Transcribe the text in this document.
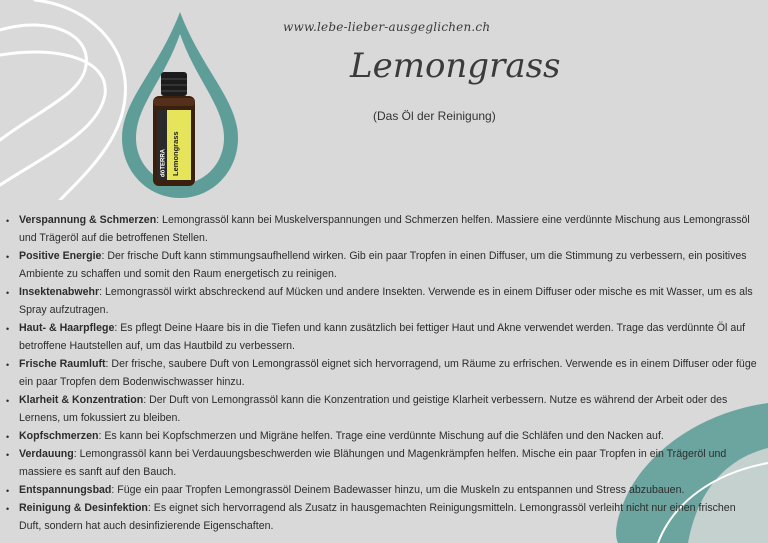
dōTERRA Lemongrass
www.lebe-lieber-ausgeglichen.ch
Lemongrass
(Das Öl der Reinigung)
• Verspannung & Schmerzen: Lemongrassöl kann bei Muskelverspannungen und Schmerzen helfen. Massiere eine verdünnte Mischung aus Lemongrassöl und Trägeröl auf die betroffenen Stellen.
• Positive Energie: Der frische Duft kann stimmungsaufhellend wirken. Gib ein paar Tropfen in einen Diffuser, um die Stimmung zu verbessern, ein positives Ambiente zu schaffen und somit den Raum energetisch zu reinigen.
• Insektenabwehr: Lemongrassöl wirkt abschreckend auf Mücken und andere Insekten. Verwende es in einem Diffuser oder mische es mit Wasser, um es als Spray aufzutragen.
• Haut- & Haarpflege: Es pflegt Deine Haare bis in die Tiefen und kann zusätzlich bei fettiger Haut und Akne verwendet werden. Trage das verdünnte Öl auf betroffene Hautstellen auf, um das Hautbild zu verbessern.
• Frische Raumluft: Der frische, saubere Duft von Lemongrassöl eignet sich hervorragend, um Räume zu erfrischen. Verwende es in einem Diffuser oder füge ein paar Tropfen dem Bodenwischwasser hinzu.
• Klarheit & Konzentration: Der Duft von Lemongrassöl kann die Konzentration und geistige Klarheit verbessern. Nutze es während der Arbeit oder des Lernens, um fokussiert zu bleiben.
• Kopfschmerzen: Es kann bei Kopfschmerzen und Migräne helfen. Trage eine verdünnte Mischung auf die Schläfen und den Nacken auf.
• Verdauung: Lemongrassöl kann bei Verdauungsbeschwerden wie Blähungen und Magenkrämpfen helfen. Mische ein paar Tropfen in ein Trägeröl und massiere es sanft auf den Bauch.
• Entspannungsbad: Füge ein paar Tropfen Lemongrassöl Deinem Badewasser hinzu, um die Muskeln zu entspannen und Stress abzubauen.
• Reinigung & Desinfektion: Es eignet sich hervorragend als Zusatz in hausgemachten Reinigungsmitteln. Lemongrassöl verleiht nicht nur einen frischen Duft, sondern hat auch desinfizierende Eigenschaften.
